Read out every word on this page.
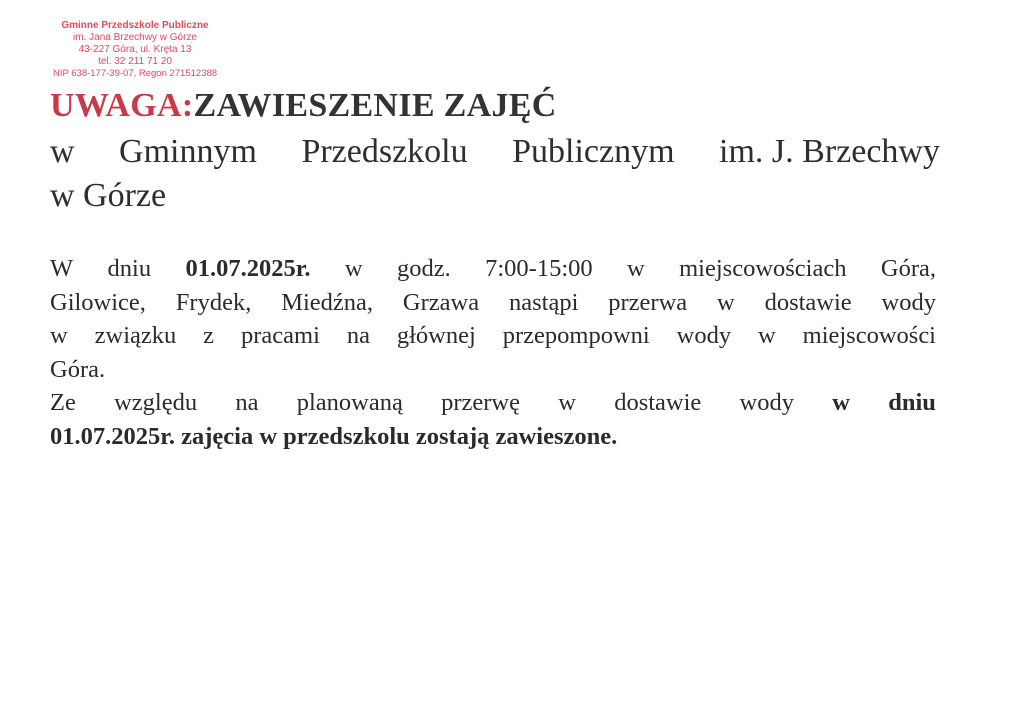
Gminne Przedszkole Publiczne
im. Jana Brzechwy w Górze
43-227 Góra, ul. Kręta 13
tel. 32 211 71 20
NIP 638-177-39-07, Regon 271512388
UWAGA:ZAWIESZENIE ZAJĘĆ
w Gminnym Przedszkolu Publicznym im. J. Brzechwy
w Górze
W dniu 01.07.2025r. w godz. 7:00-15:00 w miejscowościach Góra,

Gilowice, Frydek, Miedźna, Grzawa nastąpi przerwa w dostawie wody

w związku z pracami na głównej przepompowni wody w miejscowości

Góra.

Ze względu na planowaną przerwę w dostawie wody w dniu

01.07.2025r. zajęcia w przedszkolu zostają zawieszone.
